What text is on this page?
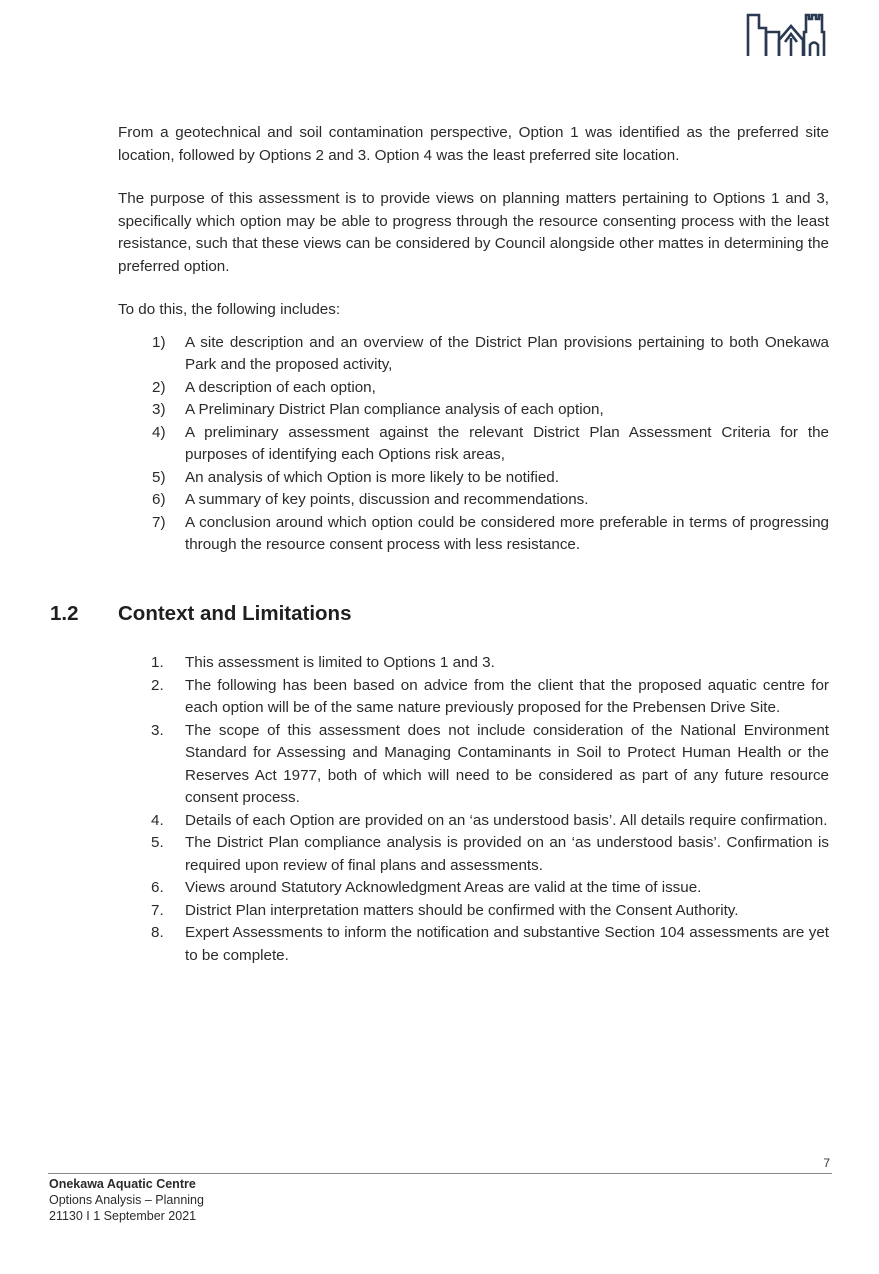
From a geotechnical and soil contamination perspective, Option 1 was identified as the preferred site location, followed by Options 2 and 3. Option 4 was the least preferred site location.

The purpose of this assessment is to provide views on planning matters pertaining to Options 1 and 3, specifically which option may be able to progress through the resource consenting process with the least resistance, such that these views can be considered by Council alongside other mattes in determining the preferred option.

To do this, the following includes:

1) A site description and an overview of the District Plan provisions pertaining to both Onekawa Park and the proposed activity,
2) A description of each option,
3) A Preliminary District Plan compliance analysis of each option,
4) A preliminary assessment against the relevant District Plan Assessment Criteria for the purposes of identifying each Options risk areas,
5) An analysis of which Option is more likely to be notified.
6) A summary of key points, discussion and recommendations.
7) A conclusion around which option could be considered more preferable in terms of progressing through the resource consent process with less resistance.
1.2 Context and Limitations
1. This assessment is limited to Options 1 and 3.
2. The following has been based on advice from the client that the proposed aquatic centre for each option will be of the same nature previously proposed for the Prebensen Drive Site.
3. The scope of this assessment does not include consideration of the National Environment Standard for Assessing and Managing Contaminants in Soil to Protect Human Health or the Reserves Act 1977, both of which will need to be considered as part of any future resource consent process.
4. Details of each Option are provided on an ‘as understood basis’. All details require confirmation.
5. The District Plan compliance analysis is provided on an ‘as understood basis’. Confirmation is required upon review of final plans and assessments.
6. Views around Statutory Acknowledgment Areas are valid at the time of issue.
7. District Plan interpretation matters should be confirmed with the Consent Authority.
8. Expert Assessments to inform the notification and substantive Section 104 assessments are yet to be complete.
7
Onekawa Aquatic Centre
Options Analysis – Planning
21130 I 1 September 2021
